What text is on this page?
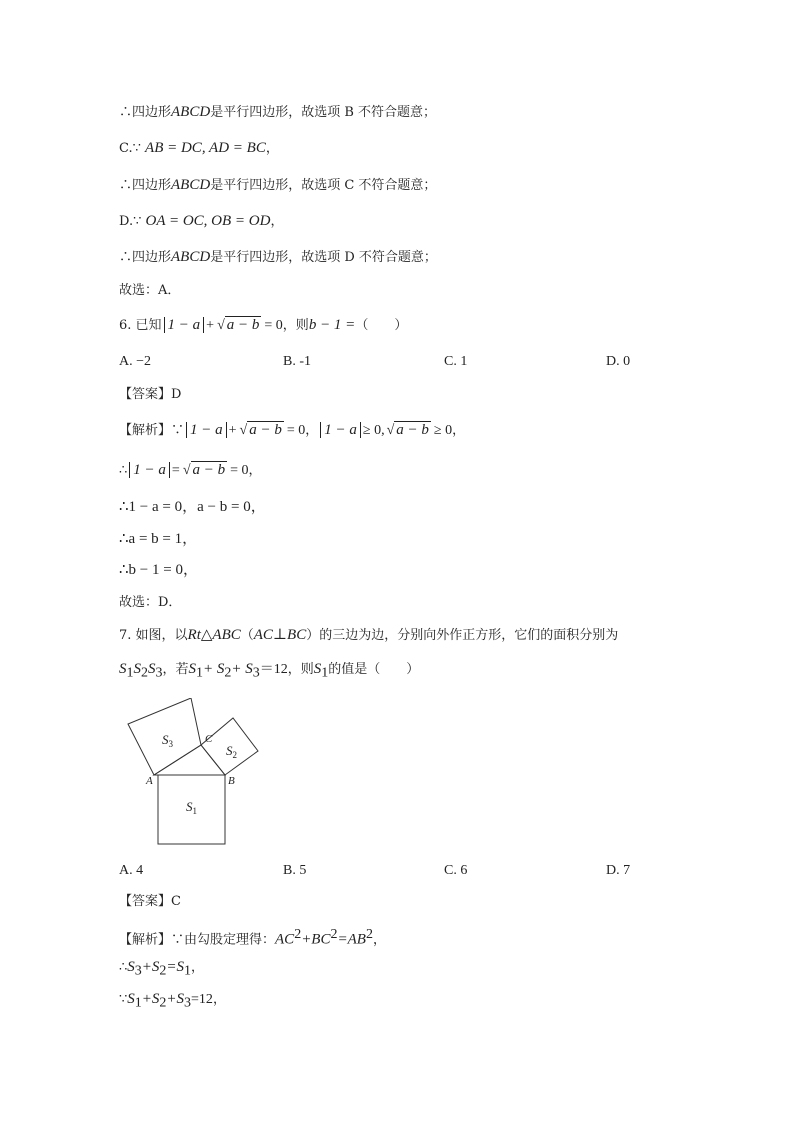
∴四边形ABCD是平行四边形，故选项 B 不符合题意；
C.∵ AB = DC, AD = BC，
∴四边形ABCD是平行四边形，故选项 C 不符合题意；
D.∵ OA = OC, OB = OD，
∴四边形ABCD是平行四边形，故选项 D 不符合题意；
故选：A．
6. 已知 1 − a + √ a − b = 0，则b − 1 =（　　）
A. −2	B. -1	C. 1	D. 0
【答案】D
【解析】∵ 1 − a + √ a − b = 0， 1 − a ≥ 0, √ a − b ≥ 0，
∴ 1 − a = √ a − b = 0，
∴1 − a = 0，a − b = 0，
∴a = b = 1，
∴b − 1 = 0，
故选：D．
7. 如图，以Rt△ABC（AC⊥BC）的三边为边，分别向外作正方形，它们的面积分别为
$S_1S_2S_3$，若$S_1+ S_2+ S_3=12$，则$S_1$的值是（　　）
$S_3$	$S_2$
$S_1$
A	B
C
A. 4	B. 5	C. 6	D. 7
【答案】C
【解析】∵由勾股定理得：$AC^2+BC^2=AB^2$，
$\therefore S_3+S_2=S_1$，
$\because S_1+S_2+S_3=12$，
